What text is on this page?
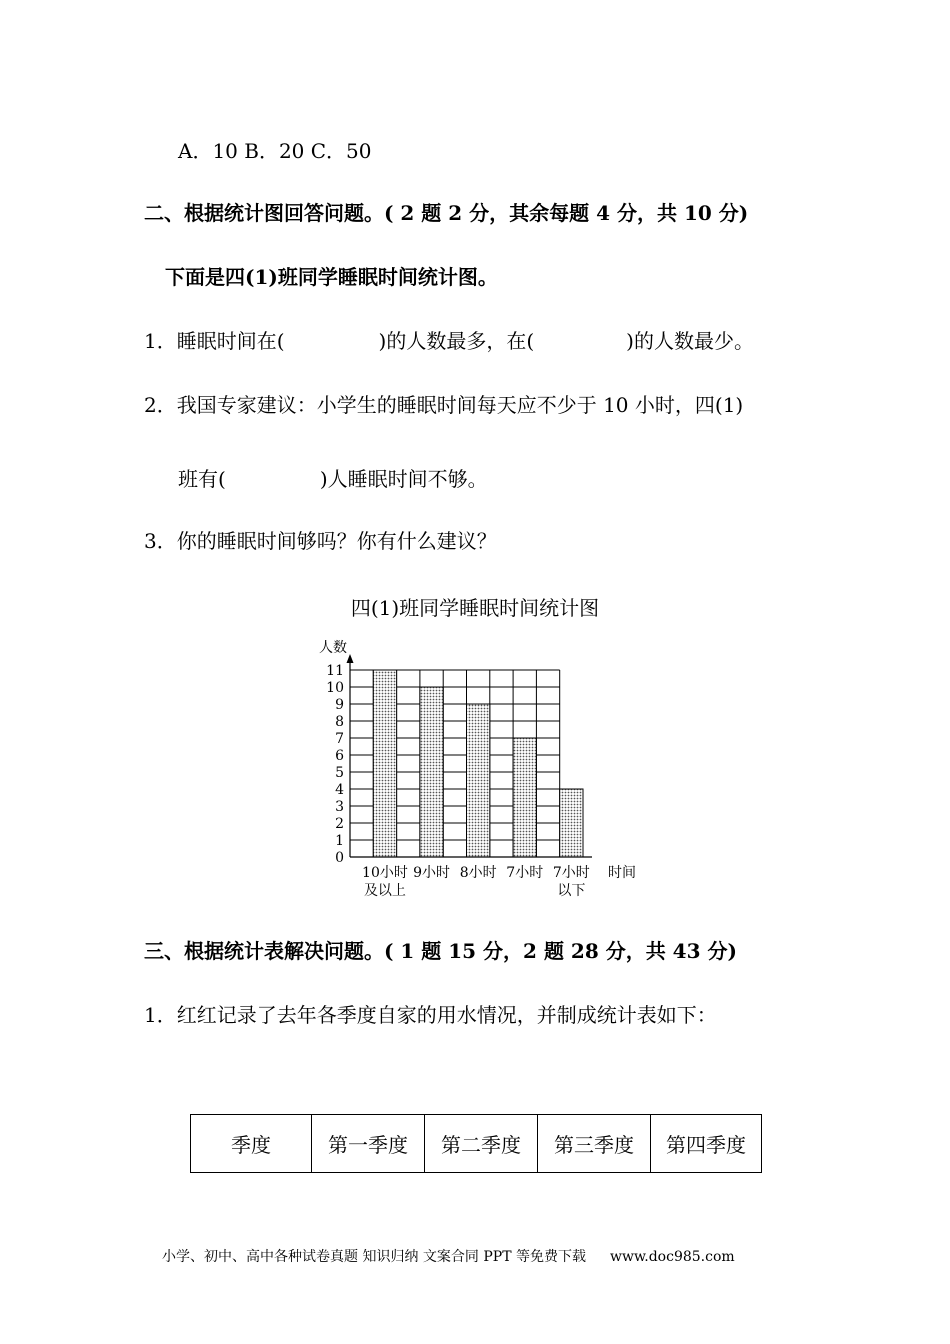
A．10 B．20 C．50
二、根据统计图回答问题。( 2 题 2 分，其余每题 4 分，共 10 分)
下面是四(1)班同学睡眠时间统计图。
1．睡眠时间在(	)的人数最多，在(	)的人数最少。
2．我国专家建议：小学生的睡眠时间每天应不少于 10 小时，四(1)
班有(	)人睡眠时间不够。
3．你的睡眠时间够吗？你有什么建议？
四(1)班同学睡眠时间统计图
0
1
2
3
4
5
6
7
8
9
10
11
人数
10小时
及以上
9小时 8小时 7小时 7小时
以下
时间
三、根据统计表解决问题。( 1 题 15 分，2 题 28 分，共 43 分)
1．红红记录了去年各季度自家的用水情况，并制成统计表如下：
季度	第一季度	第二季度	第三季度	第四季度
小学、初中、高中各种试卷真题 知识归纳 文案合同 PPT 等免费下载 www.doc985.com
